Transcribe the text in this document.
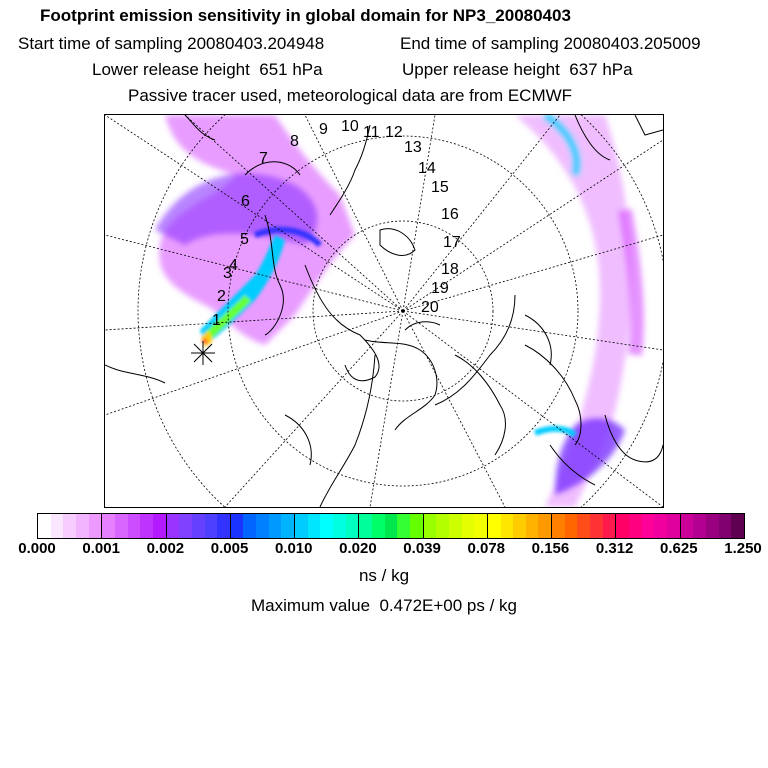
Footprint emission sensitivity in global domain for NP3_20080403
Start time of sampling 20080403.204948	End time of sampling 20080403.205009
Lower release height  651 hPa	Upper release height  637 hPa
Passive tracer used, meteorological data are from ECMWF
1
2
3
4
5
6
7
8
9 10 11 12
13
14
15
16
17
18
19
20
0.000 0.001 0.002 0.005 0.010 0.020 0.039 0.078 0.156 0.312 0.625 1.250
ns / kg
Maximum value  0.472E+00 ps / kg
